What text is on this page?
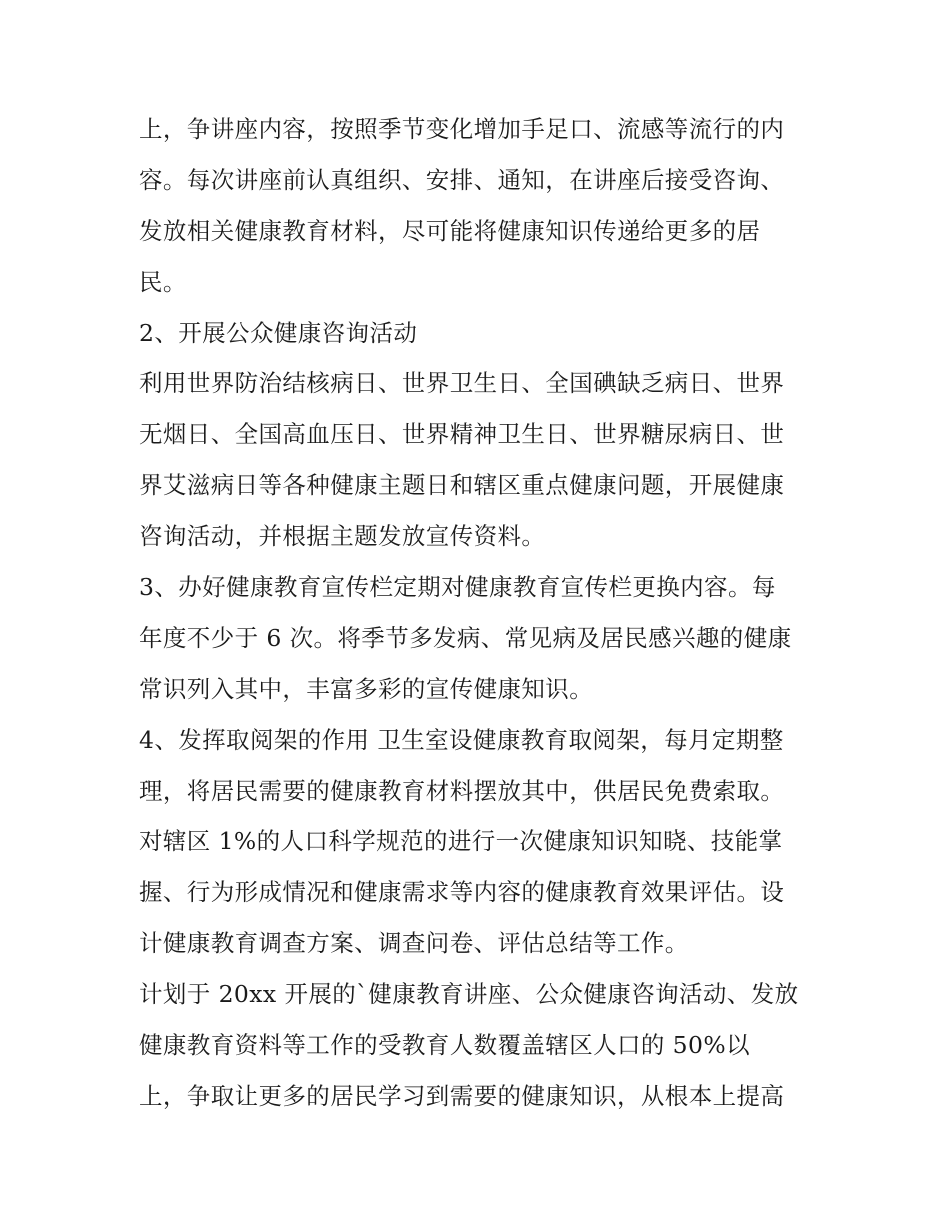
上，争讲座内容，按照季节变化增加手足口、流感等流行的内
容。每次讲座前认真组织、安排、通知，在讲座后接受咨询、
发放相关健康教育材料，尽可能将健康知识传递给更多的居
民。
2、开展公众健康咨询活动
利用世界防治结核病日、世界卫生日、全国碘缺乏病日、世界
无烟日、全国高血压日、世界精神卫生日、世界糖尿病日、世
界艾滋病日等各种健康主题日和辖区重点健康问题，开展健康
咨询活动，并根据主题发放宣传资料。
3、办好健康教育宣传栏定期对健康教育宣传栏更换内容。每
年度不少于 6 次。将季节多发病、常见病及居民感兴趣的健康
常识列入其中，丰富多彩的宣传健康知识。
4、发挥取阅架的作用 卫生室设健康教育取阅架，每月定期整
理，将居民需要的健康教育材料摆放其中，供居民免费索取。
对辖区 1%的人口科学规范的进行一次健康知识知晓、技能掌
握、行为形成情况和健康需求等内容的健康教育效果评估。设
计健康教育调查方案、调查问卷、评估总结等工作。
计划于 20xx 开展的`健康教育讲座、公众健康咨询活动、发放
健康教育资料等工作的受教育人数覆盖辖区人口的 50%以
上，争取让更多的居民学习到需要的健康知识，从根本上提高
